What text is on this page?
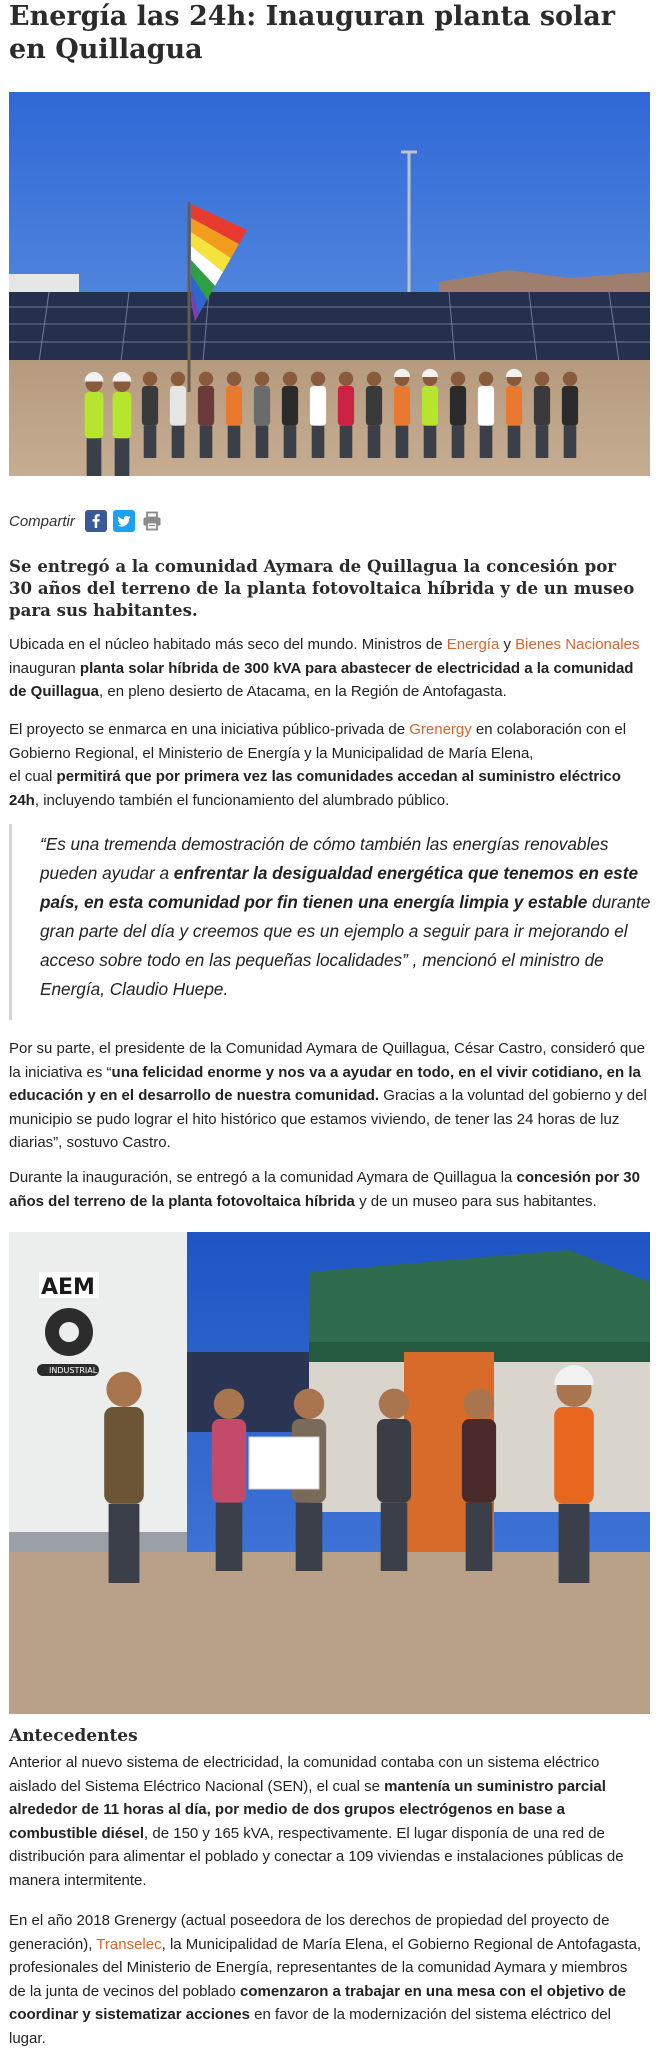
Energía las 24h: Inauguran planta solar en Quillagua
Compartir

Se entregó a la comunidad Aymara de Quillagua la concesión por 30 años del terreno de la planta fotovoltaica híbrida y de un museo para sus habitantes.

Ubicada en el núcleo habitado más seco del mundo. Ministros de Energía y Bienes Nacionales inauguran planta solar híbrida de 300 kVA para abastecer de electricidad a la comunidad de Quillagua, en pleno desierto de Atacama, en la Región de Antofagasta.

El proyecto se enmarca en una iniciativa público-privada de Grenergy en colaboración con el Gobierno Regional, el Ministerio de Energía y la Municipalidad de María Elena,
el cual permitirá que por primera vez las comunidades accedan al suministro eléctrico 24h, incluyendo también el funcionamiento del alumbrado público.

“Es una tremenda demostración de cómo también las energías renovables pueden ayudar a enfrentar la desigualdad energética que tenemos en este país, en esta comunidad por fin tienen una energía limpia y estable durante gran parte del día y creemos que es un ejemplo a seguir para ir mejorando el acceso sobre todo en las pequeñas localidades” , mencionó el ministro de Energía, Claudio Huepe.

Por su parte, el presidente de la Comunidad Aymara de Quillagua, César Castro, consideró que la iniciativa es “una felicidad enorme y nos va a ayudar en todo, en el vivir cotidiano, en la educación y en el desarrollo de nuestra comunidad. Gracias a la voluntad del gobierno y del municipio se pudo lograr el hito histórico que estamos viviendo, de tener las 24 horas de luz diarias”, sostuvo Castro.

Durante la inauguración, se entregó a la comunidad Aymara de Quillagua la concesión por 30 años del terreno de la planta fotovoltaica híbrida y de un museo para sus habitantes.

AEM
INDUSTRIAL
Antecedentes

Anterior al nuevo sistema de electricidad, la comunidad contaba con un sistema eléctrico aislado del Sistema Eléctrico Nacional (SEN), el cual se mantenía un suministro parcial alrededor de 11 horas al día, por medio de dos grupos electrógenos en base a combustible diésel, de 150 y 165 kVA, respectivamente. El lugar disponía de una red de distribución para alimentar el poblado y conectar a 109 viviendas e instalaciones públicas de manera intermitente.

En el año 2018 Grenergy (actual poseedora de los derechos de propiedad del proyecto de generación), Transelec, la Municipalidad de María Elena, el Gobierno Regional de Antofagasta, profesionales del Ministerio de Energía, representantes de la comunidad Aymara y miembros de la junta de vecinos del poblado comenzaron a trabajar en una mesa con el objetivo de coordinar y sistematizar acciones en favor de la modernización del sistema eléctrico del lugar.
